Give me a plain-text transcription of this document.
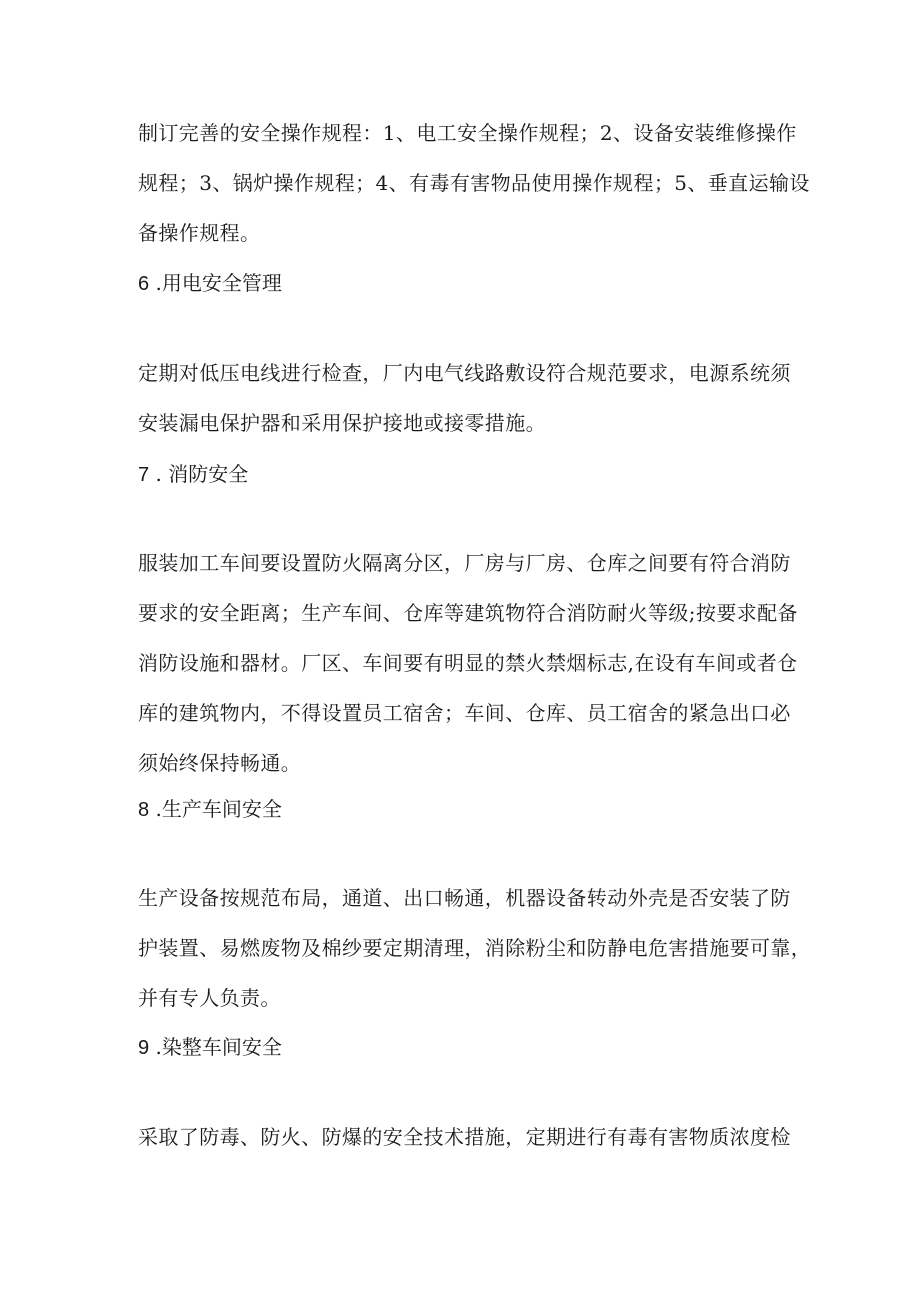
制订完善的安全操作规程：1、电工安全操作规程；2、设备安装维修操作
规程；3、锅炉操作规程；4、有毒有害物品使用操作规程；5、垂直运输设
备操作规程。
6 .用电安全管理
定期对低压电线进行检查，厂内电气线路敷设符合规范要求，电源系统须
安装漏电保护器和采用保护接地或接零措施。
7 . 消防安全
服装加工车间要设置防火隔离分区，厂房与厂房、仓库之间要有符合消防
要求的安全距离；生产车间、仓库等建筑物符合消防耐火等级;按要求配备
消防设施和器材。厂区、车间要有明显的禁火禁烟标志,在设有车间或者仓
库的建筑物内，不得设置员工宿舍；车间、仓库、员工宿舍的紧急出口必
须始终保持畅通。
8 .生产车间安全
生产设备按规范布局，通道、出口畅通，机器设备转动外壳是否安装了防
护装置、易燃废物及棉纱要定期清理，消除粉尘和防静电危害措施要可靠，
并有专人负责。
9 .染整车间安全
采取了防毒、防火、防爆的安全技术措施，定期进行有毒有害物质浓度检
